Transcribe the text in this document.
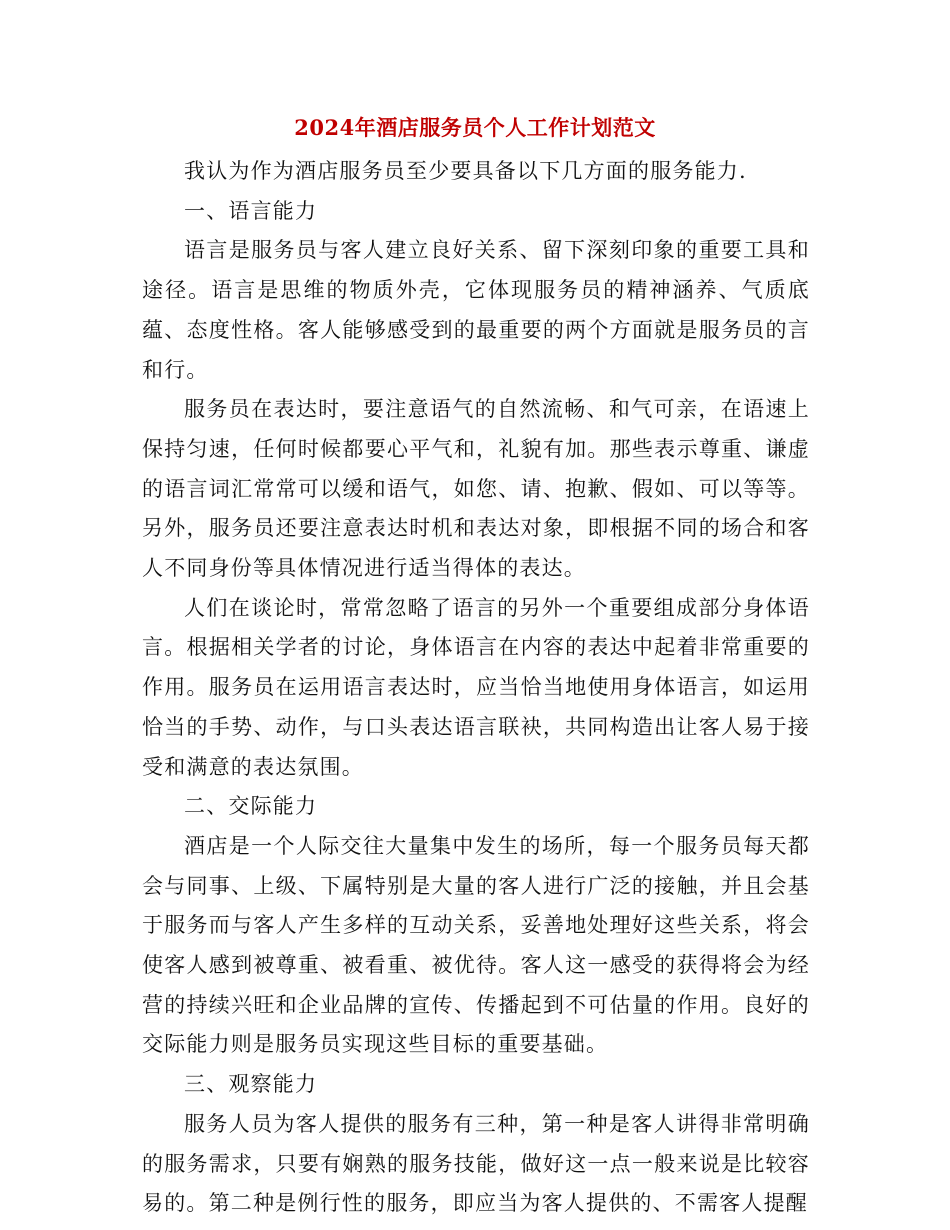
2024年酒店服务员个人工作计划范文

我认为作为酒店服务员至少要具备以下几方面的服务能力.

一、语言能力

语言是服务员与客人建立良好关系、留下深刻印象的重要工具和途径。语言是思维的物质外壳，它体现服务员的精神涵养、气质底蕴、态度性格。客人能够感受到的最重要的两个方面就是服务员的言和行。

服务员在表达时，要注意语气的自然流畅、和气可亲，在语速上保持匀速，任何时候都要心平气和，礼貌有加。那些表示尊重、谦虚的语言词汇常常可以缓和语气，如您、请、抱歉、假如、可以等等。另外，服务员还要注意表达时机和表达对象，即根据不同的场合和客人不同身份等具体情况进行适当得体的表达。

人们在谈论时，常常忽略了语言的另外一个重要组成部分身体语言。根据相关学者的讨论，身体语言在内容的表达中起着非常重要的作用。服务员在运用语言表达时，应当恰当地使用身体语言，如运用恰当的手势、动作，与口头表达语言联袂，共同构造出让客人易于接受和满意的表达氛围。

二、交际能力

酒店是一个人际交往大量集中发生的场所，每一个服务员每天都会与同事、上级、下属特别是大量的客人进行广泛的接触，并且会基于服务而与客人产生多样的互动关系，妥善地处理好这些关系，将会使客人感到被尊重、被看重、被优待。客人这一感受的获得将会为经营的持续兴旺和企业品牌的宣传、传播起到不可估量的作用。良好的交际能力则是服务员实现这些目标的重要基础。

三、观察能力

服务人员为客人提供的服务有三种，第一种是客人讲得非常明确的服务需求，只要有娴熟的服务技能，做好这一点一般来说是比较容易的。第二种是例行性的服务，即应当为客人提供的、不需客人提醒
